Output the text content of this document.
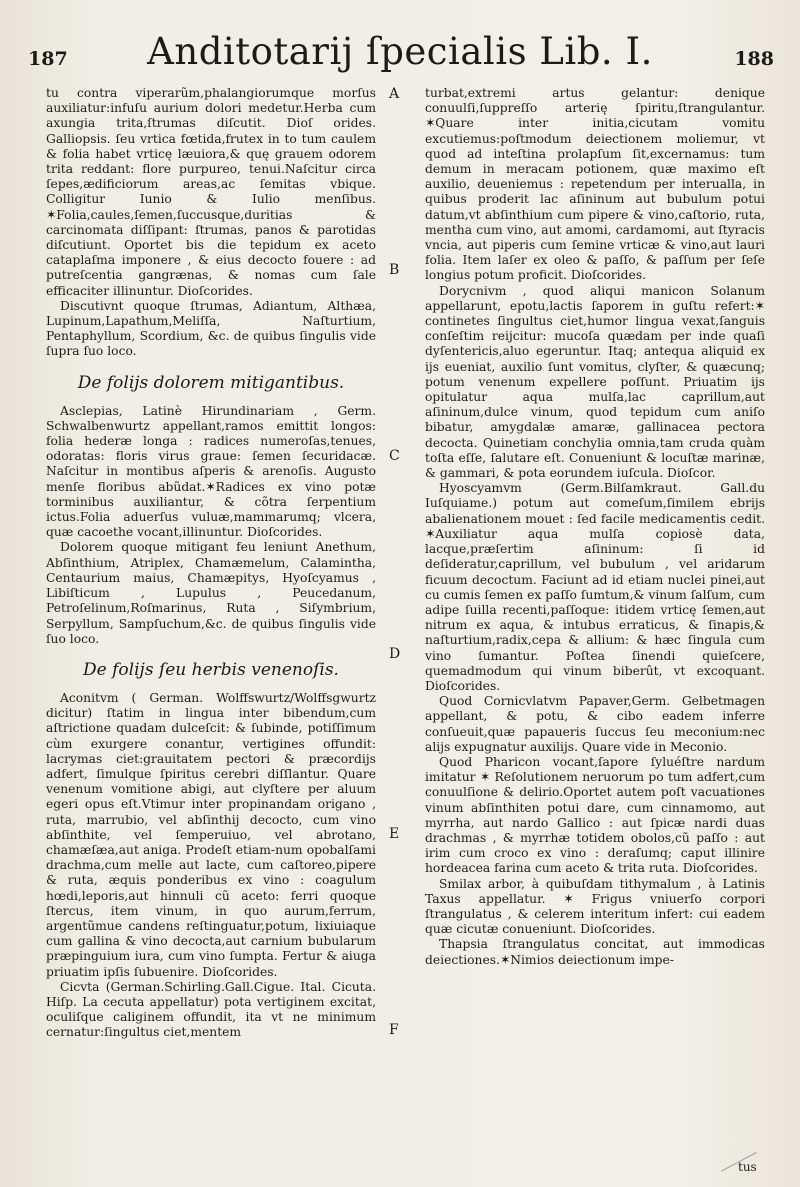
187	Anditotarij ſpecialis Lib. I.	188

tu contra viperarũm,phalangiorumque morſus auxiliatur:infuſu aurium dolori medetur.Herba cum axungia trita,ſtrumas diſcutit. Dioſ orides. Galliopsis. ſeu vrtica fœtida,frutex in to tum caulem & folia habet vrticę læuiora,& quę grauem odorem trita reddant: flore purpureo, tenui.Naſcitur circa ſepes,ædificiorum areas,ac ſemitas vbique. Colligitur Iunio & Iulio menſibus. ✶Folia,caules,ſemen,ſuccusque,duritias & carcinomata diſſipant: ſtrumas, panos & parotidas diſcutiunt. Oportet bis die tepidum ex aceto cataplaſma imponere , & eius decocto fouere : ad putreſcentia gangrænas, & nomas cum ſale efficaciter illinuntur. Dioſcorides.

Discutivnt quoque ſtrumas, Adiantum, Althæa, Lupinum,Lapathum,Meliſſa, Naſturtium, Pentaphyllum, Scordium, &c. de quibus ſingulis vide ſupra ſuo loco.

De folijs dolorem mitigantibus.

Asclepias, Latinè Hirundinariam , Germ. Schwalbenwurtz appellant,ramos emittit longos: folia hederæ longa : radices numeroſas,tenues, odoratas: floris virus graue: ſemen ſecuridacæ. Naſcitur in montibus aſperis & arenoſis. Augusto menſe floribus abũdat.✶Radices ex vino potæ torminibus auxiliantur, & cõtra ſerpentium ictus.Folia aduerſus vuluæ,mammarumq; vlcera, quæ cacoethe vocant,illinuntur. Dioſcorides.

Dolorem quoque mitigant feu leniunt Anethum, Abſinthium, Atriplex, Chamæmelum, Calamintha, Centaurium maius, Chamæpitys, Hyoſcyamus , Libiſticum , Lupulus , Peucedanum, Petroſelinum,Roſmarinus, Ruta , Siſymbrium, Serpyllum, Sampſuchum,&c. de quibus ſingulis vide ſuo loco.

De folijs ſeu herbis venenoſis.

Aconitvm ( German. Wolffswurtz/Wolffsgwurtz dicitur) ſtatim in lingua inter bibendum,cum aſtrictione quadam dulceſcit: & ſubinde, potiſſimum cùm exurgere conantur, vertigines offundit: lacrymas ciet:grauitatem pectori & præcordijs adfert, ſimulque ſpiritus cerebri diſſlantur. Quare venenum vomitione abigi, aut clyſtere per aluum egeri opus eſt.Vtimur inter propinandam origano , ruta, marrubio, vel abſinthij decocto, cum vino abſinthite, vel ſemperuiuo, vel abrotano, chamæſæa,aut aniga. Prodeſt etiam-num opobalſami drachma,cum melle aut lacte, cum caſtoreo,pipere & ruta, æquis ponderibus ex vino : coagulum hœdi,leporis,aut hinnuli cũ aceto: ferri quoque ſtercus, item vinum, in quo aurum,ferrum, argentũmue candens reſtinguatur,potum, lixiuiaque cum gallina & vino decocta,aut carnium bubularum præpinguium iura, cum vino ſumpta. Fertur & aiuga priuatim ipſis ſubuenire. Dioſcorides.

Cicvta (German.Schirling.Gall.Cigue. Ital. Cicuta. Hiſp. La cecuta appellatur) pota vertiginem excitat, oculiſque caliginem offundit, ita vt ne minimum cernatur:ſingultus ciet,mentem

A
B
C
D
E
F

turbat,extremi artus gelantur: denique conuulſi,ſuppreſſo arterię ſpiritu,ſtrangulantur. ✶Quare inter initia,cicutam vomitu excutiemus:poſtmodum deiectionem moliemur, vt quod ad inteſtina prolapſum ſit,excernamus: tum demum in meracam potionem, quæ maximo eſt auxilio, deueniemus : repetendum per interualla, in quibus proderit lac aſininum aut bubulum potui datum,vt abſinthium cum pipere & vino,caſtorio, ruta, mentha cum vino, aut amomi, cardamomi, aut ſtyracis vncia, aut piperis cum ſemine vrticæ & vino,aut lauri folia. Item laſer ex oleo & paſſo, & paſſum per ſeſe longius potum proficit. Dioſcorides.

Dorycnivm , quod aliqui manicon Solanum appellarunt, epotu,lactis ſaporem in guſtu refert:✶ continetes ſingultus ciet,humor lingua vexat,ſanguis conſeſtim reijcitur: mucoſa quædam per inde quaſi dyſentericis,aluo egeruntur. Itaq; antequa aliquid ex ijs eueniat, auxilio ſunt vomitus, clyſter, & quæcunq; potum venenum expellere poſſunt. Priuatim ijs opitulatur aqua mulſa,lac caprillum,aut aſininum,dulce vinum, quod tepidum cum aniſo bibatur, amygdalæ amaræ, gallinacea pectora decocta. Quinetiam conchylia omnia,tam cruda quàm toſta eſſe, ſalutare eſt. Conueniunt & locuſtæ marinæ, & gammari, & pota eorundem iuſcula. Dioſcor.

Hyoscyamvm (Germ.Bilſamkraut. Gall.du Iuſquiame.) potum aut comeſum,ſimilem ebrijs abalienationem mouet : ſed facile medicamentis cedit. ✶Auxiliatur aqua mulſa copiosè data, lacque,præſertim aſininum: ſi id deſideratur,caprillum, vel bubulum , vel aridarum ficuum decoctum. Faciunt ad id etiam nuclei pinei,aut cu cumis ſemen ex paſſo ſumtum,& vinum ſalſum, cum adipe ſuilla recenti,paſſoque: itidem vrticę ſemen,aut nitrum ex aqua, & intubus erraticus, & ſinapis,& naſturtium,radix,cepa & allium: & hæc ſingula cum vino ſumantur. Poſtea ſinendi quieſcere, quemadmodum qui vinum biberût, vt excoquant. Dioſcorides.

Quod Cornicvlatvm Papaver,Germ. Gelbetmagen appellant, & potu, & cibo eadem inferre conſueuit,quæ papaueris ſuccus ſeu meconium:nec alijs expugnatur auxilijs. Quare vide in Meconio.

Quod Pharicon vocant,ſapore ſyluéſtre nardum imitatur ✶ Reſolutionem neruorum po tum adfert,cum conuulſione & delirio.Oportet autem poſt vacuationes vinum abſinthiten potui dare, cum cinnamomo, aut myrrha, aut nardo Gallico : aut ſpicæ nardi duas drachmas , & myrrhæ totidem obolos,cũ paſſo : aut irim cum croco ex vino : deraſumq; caput illinire hordeacea farina cum aceto & trita ruta. Dioſcorides.

Smilax arbor, à quibuſdam tithymalum , à Latinis Taxus appellatur. ✶ Frigus vniuerſo corpori ſtrangulatus , & celerem interitum infert: cui eadem quæ cicutæ conueniunt. Dioſcorides.

Thapsia ſtrangulatus concitat, aut immodicas deiectiones.✶Nimios deiectionum impe-

tus
